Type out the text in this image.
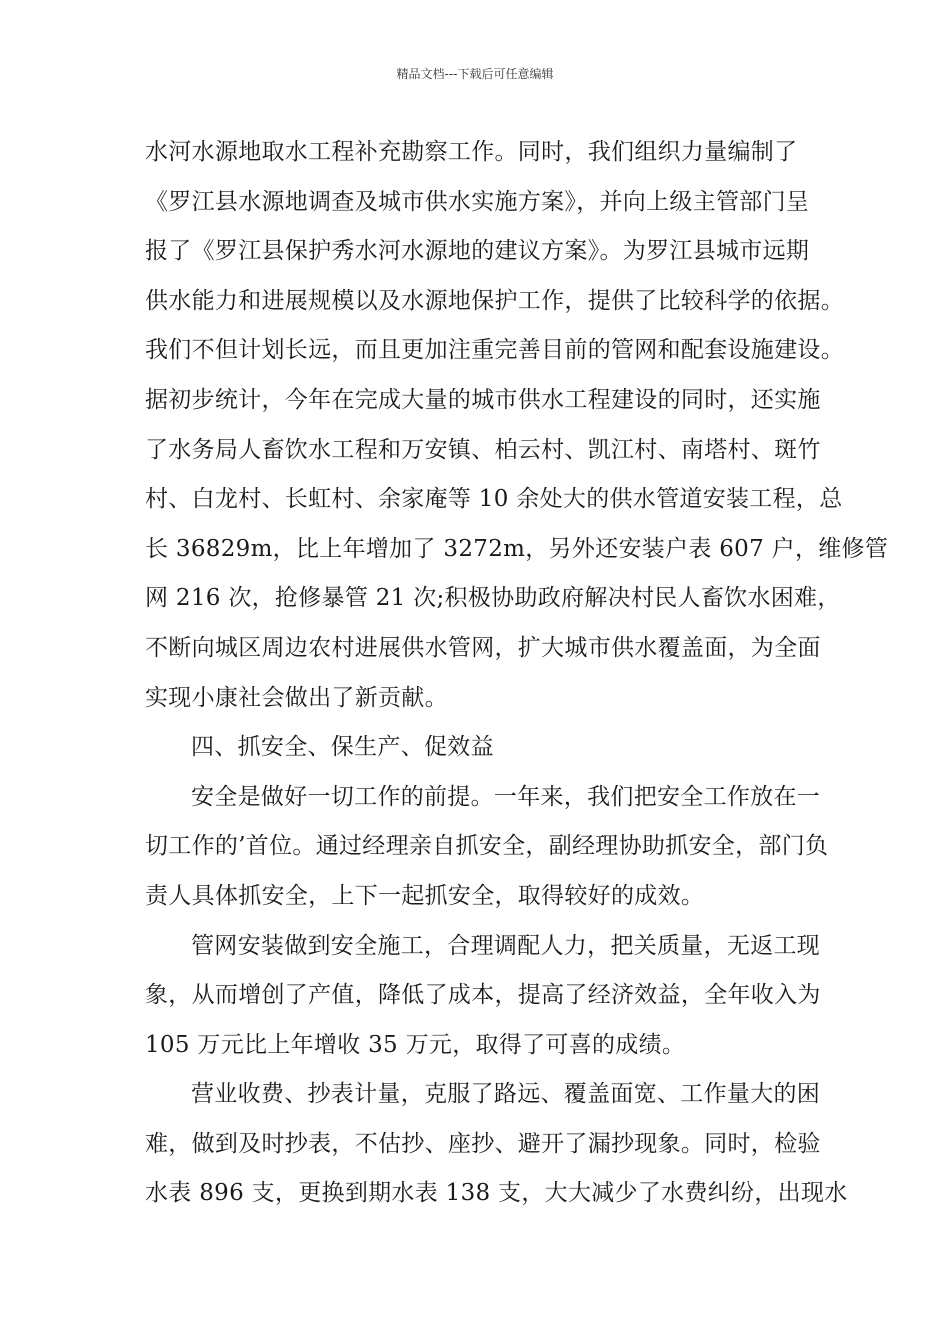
精品文档---下载后可任意编辑
水河水源地取水工程补充勘察工作。同时，我们组织力量编制了
《罗江县水源地调查及城市供水实施方案》，并向上级主管部门呈
报了《罗江县保护秀水河水源地的建议方案》。为罗江县城市远期
供水能力和进展规模以及水源地保护工作，提供了比较科学的依据。
我们不但计划长远，而且更加注重完善目前的管网和配套设施建设。
据初步统计，今年在完成大量的城市供水工程建设的同时，还实施
了水务局人畜饮水工程和万安镇、柏云村、凯江村、南塔村、斑竹
村、白龙村、长虹村、余家庵等 10 余处大的供水管道安装工程，总
长 36829m，比上年增加了 3272m，另外还安装户表 607 户，维修管
网 216 次，抢修暴管 21 次;积极协助政府解决村民人畜饮水困难，
不断向城区周边农村进展供水管网，扩大城市供水覆盖面，为全面
实现小康社会做出了新贡献。
四、抓安全、保生产、促效益
安全是做好一切工作的前提。一年来，我们把安全工作放在一
切工作的’首位。通过经理亲自抓安全，副经理协助抓安全，部门负
责人具体抓安全，上下一起抓安全，取得较好的成效。
管网安装做到安全施工，合理调配人力，把关质量，无返工现
象，从而增创了产值，降低了成本，提高了经济效益，全年收入为
105 万元比上年增收 35 万元，取得了可喜的成绩。
营业收费、抄表计量，克服了路远、覆盖面宽、工作量大的困
难，做到及时抄表，不估抄、座抄、避开了漏抄现象。同时，检验
水表 896 支，更换到期水表 138 支，大大减少了水费纠纷，出现水
